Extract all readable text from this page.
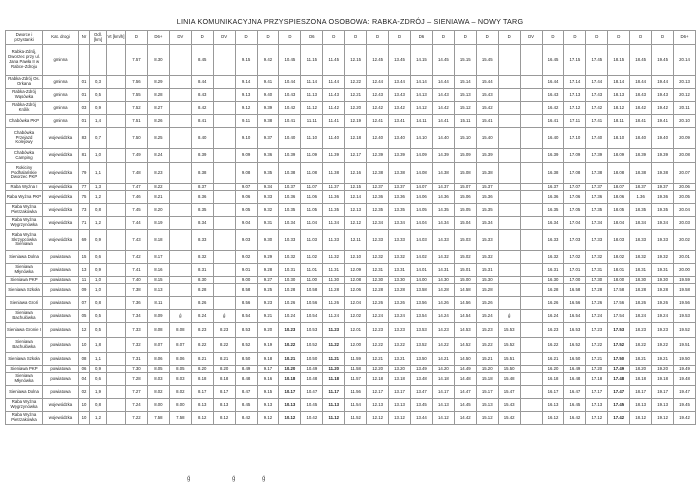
LINIA KOMUNIKACYJNA PRZYSPIESZONA OSOBOWA: RABKA-ZDRÓJ – SIENIAWA – NOWY TARG
Dworce i przystanki	Kat. drogi	Nr	Odl. [km]	Vt [km/h]	D	D6+	DV	D	DV	D	D	D	D6	D	D	D	D	D6	D	D	D	D	DV	D	D	D	D	D	D	D6+
Rabka-Zdrój, Dworzec przy ul. Jana Pawła II w Rabce-Zdroju	gminna				7.57	8.30		8.45		9.15	9.42	10.45	11.15	11.45	12.15	12.45	13.45	14.15	14.45	15.15	15.45			16.45	17.15	17.45	18.15	18.45	19.45	20.14
Rabka-Zdrój Os. Orkana	gminna	01	0,3		7.56	8.29		8.44		9.14	9.41	10.44	11.14	11.44	12.22	12.44	13.44	14.14	14.44	15.14	15.44			16.44	17.14	17.44	18.14	18.44	19.44	20.13
Rabka-Zdrój Wąsówka	gminna	01	0,5		7.55	8.28		8.43		9.13	9.40	10.43	11.13	11.43	12.21	12.43	13.43	14.13	14.43	15.13	15.43			16.43	17.13	17.43	18.13	18.43	19.43	20.12
Rabka-Zdrój Królik	gminna	03	0,9		7.52	8.27		8.42		9.12	9.39	10.42	11.12	11.42	12.20	12.42	13.42	14.12	14.42	15.12	15.42			16.42	17.12	17.42	18.12	18.42	19.42	20.11
Chabówka PKP	gminna	01	1,4		7.51	8.26		8.41		9.11	9.38	10.41	11.11	11.41	12.19	12.41	13.41	14.11	14.41	15.11	15.41			16.41	17.11	17.41	18.11	18.41	19.41	20.10
Chabówka Przejazd Kolejowy	wojewódzka	83	0,7		7.50	8.25		8.40		9.10	9.37	10.40	11.10	11.40	12.18	12.40	13.40	14.10	14.40	15.10	15.40			16.40	17.10	17.40	18.10	18.40	19.40	20.09
Chabówka Camping	wojewódzka	81	1,0		7.49	8.24		8.39		9.09	9.36	10.39	11.09	11.39	12.17	12.39	13.39	14.09	14.39	15.09	15.39			16.39	17.09	17.39	18.09	18.39	19.39	20.08
Rokiciny Podhalańskie Dworzec PKP	wojewódzka	79	1,1		7.48	8.23		8.38		9.08	9.35	10.38	11.08	11.38	12.16	12.38	13.38	14.08	14.38	15.08	15.38			16.38	17.08	17.38	18.08	18.38	19.38	20.07
Raba Wyżna I	wojewódzka	77	1,3		7.47	8.22		8.37		9.07	9.34	10.37	11.07	11.37	12.15	12.37	13.37	14.07	14.37	15.07	15.37			16.37	17.07	17.37	18.07	18.37	19.37	20.06
Raba Wyżna PKP	wojewódzka	75	1,2		7.46	8.21		8.36		9.06	9.33	10.36	11.06	11.36	12.14	12.36	13.36	14.06	14.36	15.06	15.36			16.36	17.06	17.36	18.06	1.36	19.36	20.05
Raba Wyżna Pietrzakówka	wojewódzka	73	0,8		7.45	8.20		8.35		9.05	9.32	10.35	11.05	11.35	12.13	12.35	13.35	14.05	14.35	15.05	15.35			16.35	17.05	17.35	18.05	18.35	19.35	20.04
Raba Wyżna Węgrzynówka	wojewódzka	71	1,2		7.44	8.19		8.34		9.04	9.31	10.34	11.04	11.34	12.12	12.34	13.34	14.04	14.34	15.04	15.34			16.34	17.04	17.34	18.04	18.34	19.34	20.03
Raba Wyżna Skrzypcówka Sieniawa	wojewódzka	69	0,9		7.43	8.18		8.33		9.03	9.30	10.33	11.03	11.33	12.11	12.33	13.33	14.03	14.33	15.03	15.33			16.33	17.03	17.33	18.03	18.33	19.33	20.02
Sieniawa Dolna	powiatowa	15	0,6		7.42	8.17		8.32		9.02	9.29	10.32	11.02	11.32	12.10	12.32	13.32	14.02	14.32	15.02	15.32			16.32	17.02	17.32	18.02	18.32	19.32	20.01
Sieniawa Młynówka	powiatowa	13	0,9		7.41	8.16		8.31		9.01	9.28	10.31	11.01	11.31	12.09	12.31	13.31	14.01	14.31	15.01	15.31			16.31	17.01	17.31	18.01	18.31	19.31	20.00
Sieniawa PKP	powiatowa	11	1,0		7.40	8.15		8.30		9.00	9.27	10.30	11.00	11.30	12.08	12.30	13.30	14.00	14.30	15.00	15.30			16.30	17.00	17.30	18.00	18.30	19.30	19.59
Sieniawa Szkoła	powiatowa	09	1,0		7.38	8.13		8.28		8.58	9.25	10.28	10.58	11.28	12.06	12.28	13.28	13.58	14.28	14.58	15.28			16.28	16.58	17.28	17.58	18.28	19.28	19.58
Sieniawa Groń	powiatowa	07	0,8		7.36	8.11		8.26		8.56	9.23	10.26	10.56	11.26	12.04	12.26	13.26	13.56	14.26	14.56	15.26			16.26	16.56	17.26	17.56	18.26	19.26	19.56
Sieniawa Bachulówka	powiatowa	05	0,5		7.34	8.09	ǵ	8.24	ǵ	8.54	9.21	10.24	10.54	11.24	12.02	12.24	13.24	13.54	14.24	14.54	15.24	ǵ		16.24	16.54	17.24	17.54	18.24	19.24	19.53
Sieniawa Gronie I	powiatowa	12	0,5		7.33	8.08	8.08	8.23	8.23	8.53	9.20	10.23	10.53	11.23	12.01	12.23	13.23	13.53	14.23	14.53	15.23	15.53		16.23	16.53	17.23	17.53	18.23	19.23	19.52
Sieniawa Bachulówka	powiatowa	10	1,8		7.32	8.07	8.07	8.22	8.22	8.52	9.19	10.22	10.52	11.22	12.00	12.22	13.22	13.52	14.22	14.52	15.22	15.52		16.22	16.52	17.22	17.52	18.22	19.22	19.51
Sieniawa Szkoła	powiatowa	08	1,1		7.31	8.06	8.06	8.21	8.21	8.50	9.18	10.21	10.50	11.21	11.59	12.21	13.21	13.50	14.21	14.50	15.21	15.51		16.21	16.50	17.21	17.50	18.21	19.21	19.50
Sieniawa PKP	powiatowa	06	0,9		7.30	8.05	8.05	8.20	8.20	8.49	9.17	10.20	10.49	11.20	11.58	12.20	13.20	13.49	14.20	14.49	15.20	15.50		16.20	16.49	17.20	17.49	18.20	19.20	19.49
Sieniawa Młynówka	powiatowa	04	0,6		7.28	8.03	8.03	8.18	8.18	8.48	9.16	10.18	10.48	11.18	11.57	12.18	13.18	13.48	14.18	14.48	15.18	15.48		16.18	16.48	17.18	17.48	18.18	19.18	19.48
Sieniawa Dolna	powiatowa	02	1,9		7.27	8.02	8.02	8.17	8.17	8.47	9.15	10.17	10.47	11.17	11.56	12.17	13.17	13.47	14.17	14.47	15.17	15.47		16.17	16.47	17.17	17.47	18.17	19.17	19.47
Raba Wyżna Węgrzynówka	wojewódzka	10	0,8		7.24	8.00	8.00	8.13	8.13	8.45	9.13	10.13	10.45	11.13	11.54	12.13	13.13	13.45	14.13	14.45	15.13	15.43		16.13	16.45	17.13	17.45	18.13	19.13	19.45
Raba Wyżna Pietrzakówka	wojewódzka	10	1,2		7.22	7.58	7.58	8.12	8.12	8.42	9.12	10.12	10.42	11.12	11.52	12.12	13.12	13.44	14.12	14.42	15.12	15.42		16.12	16.42	17.12	17.42	18.12	19.12	19.42
ǵ	ǵ	ǵ
